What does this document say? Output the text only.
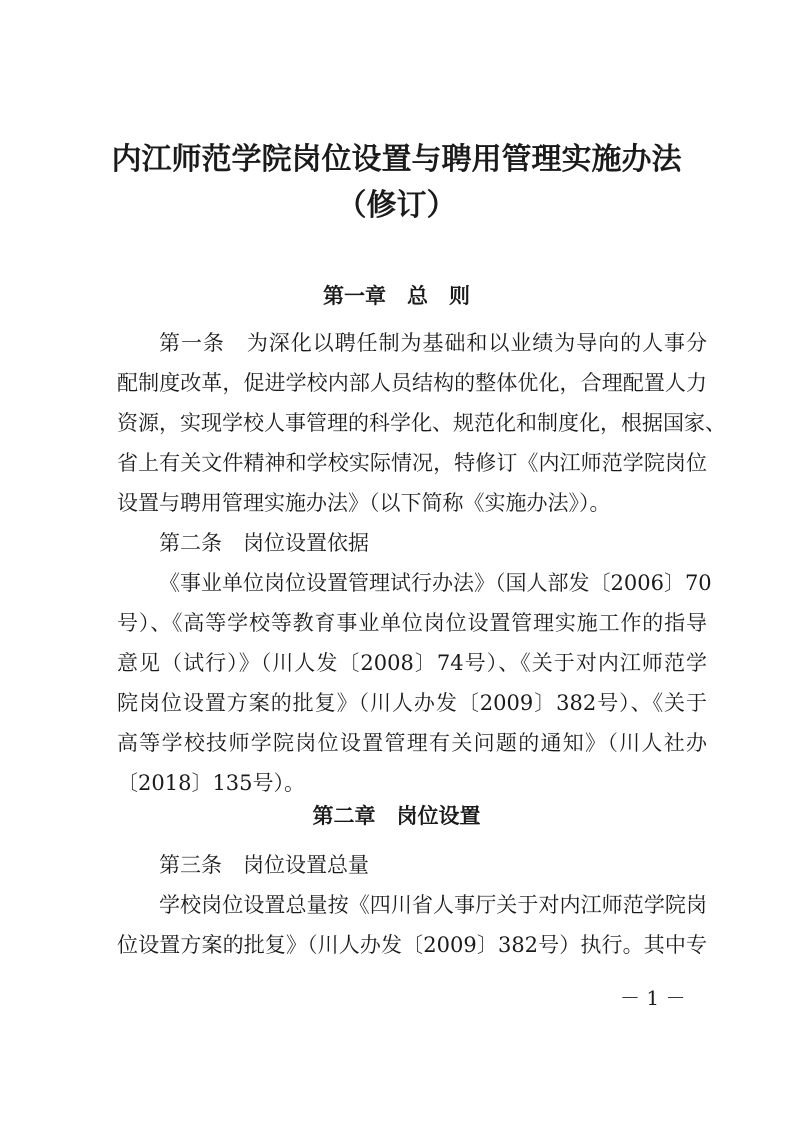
内江师范学院岗位设置与聘用管理实施办法
（修订）
第一章　总　则
第一条　为深化以聘任制为基础和以业绩为导向的人事分
配制度改革，促进学校内部人员结构的整体优化，合理配置人力
资源，实现学校人事管理的科学化、规范化和制度化，根据国家、
省上有关文件精神和学校实际情况，特修订《内江师范学院岗位
设置与聘用管理实施办法》（以下简称《实施办法》）。
第二条　岗位设置依据
《事业单位岗位设置管理试行办法》（国人部发〔2006〕70
号）、《高等学校等教育事业单位岗位设置管理实施工作的指导
意见（试行）》（川人发〔2008〕74号）、《关于对内江师范学
院岗位设置方案的批复》（川人办发〔2009〕382号）、《关于
高等学校技师学院岗位设置管理有关问题的通知》（川人社办
〔2018〕135号）。
第二章　岗位设置
第三条　岗位设置总量
学校岗位设置总量按《四川省人事厅关于对内江师范学院岗
位设置方案的批复》（川人办发〔2009〕382号）执行。其中专
－ 1 －
